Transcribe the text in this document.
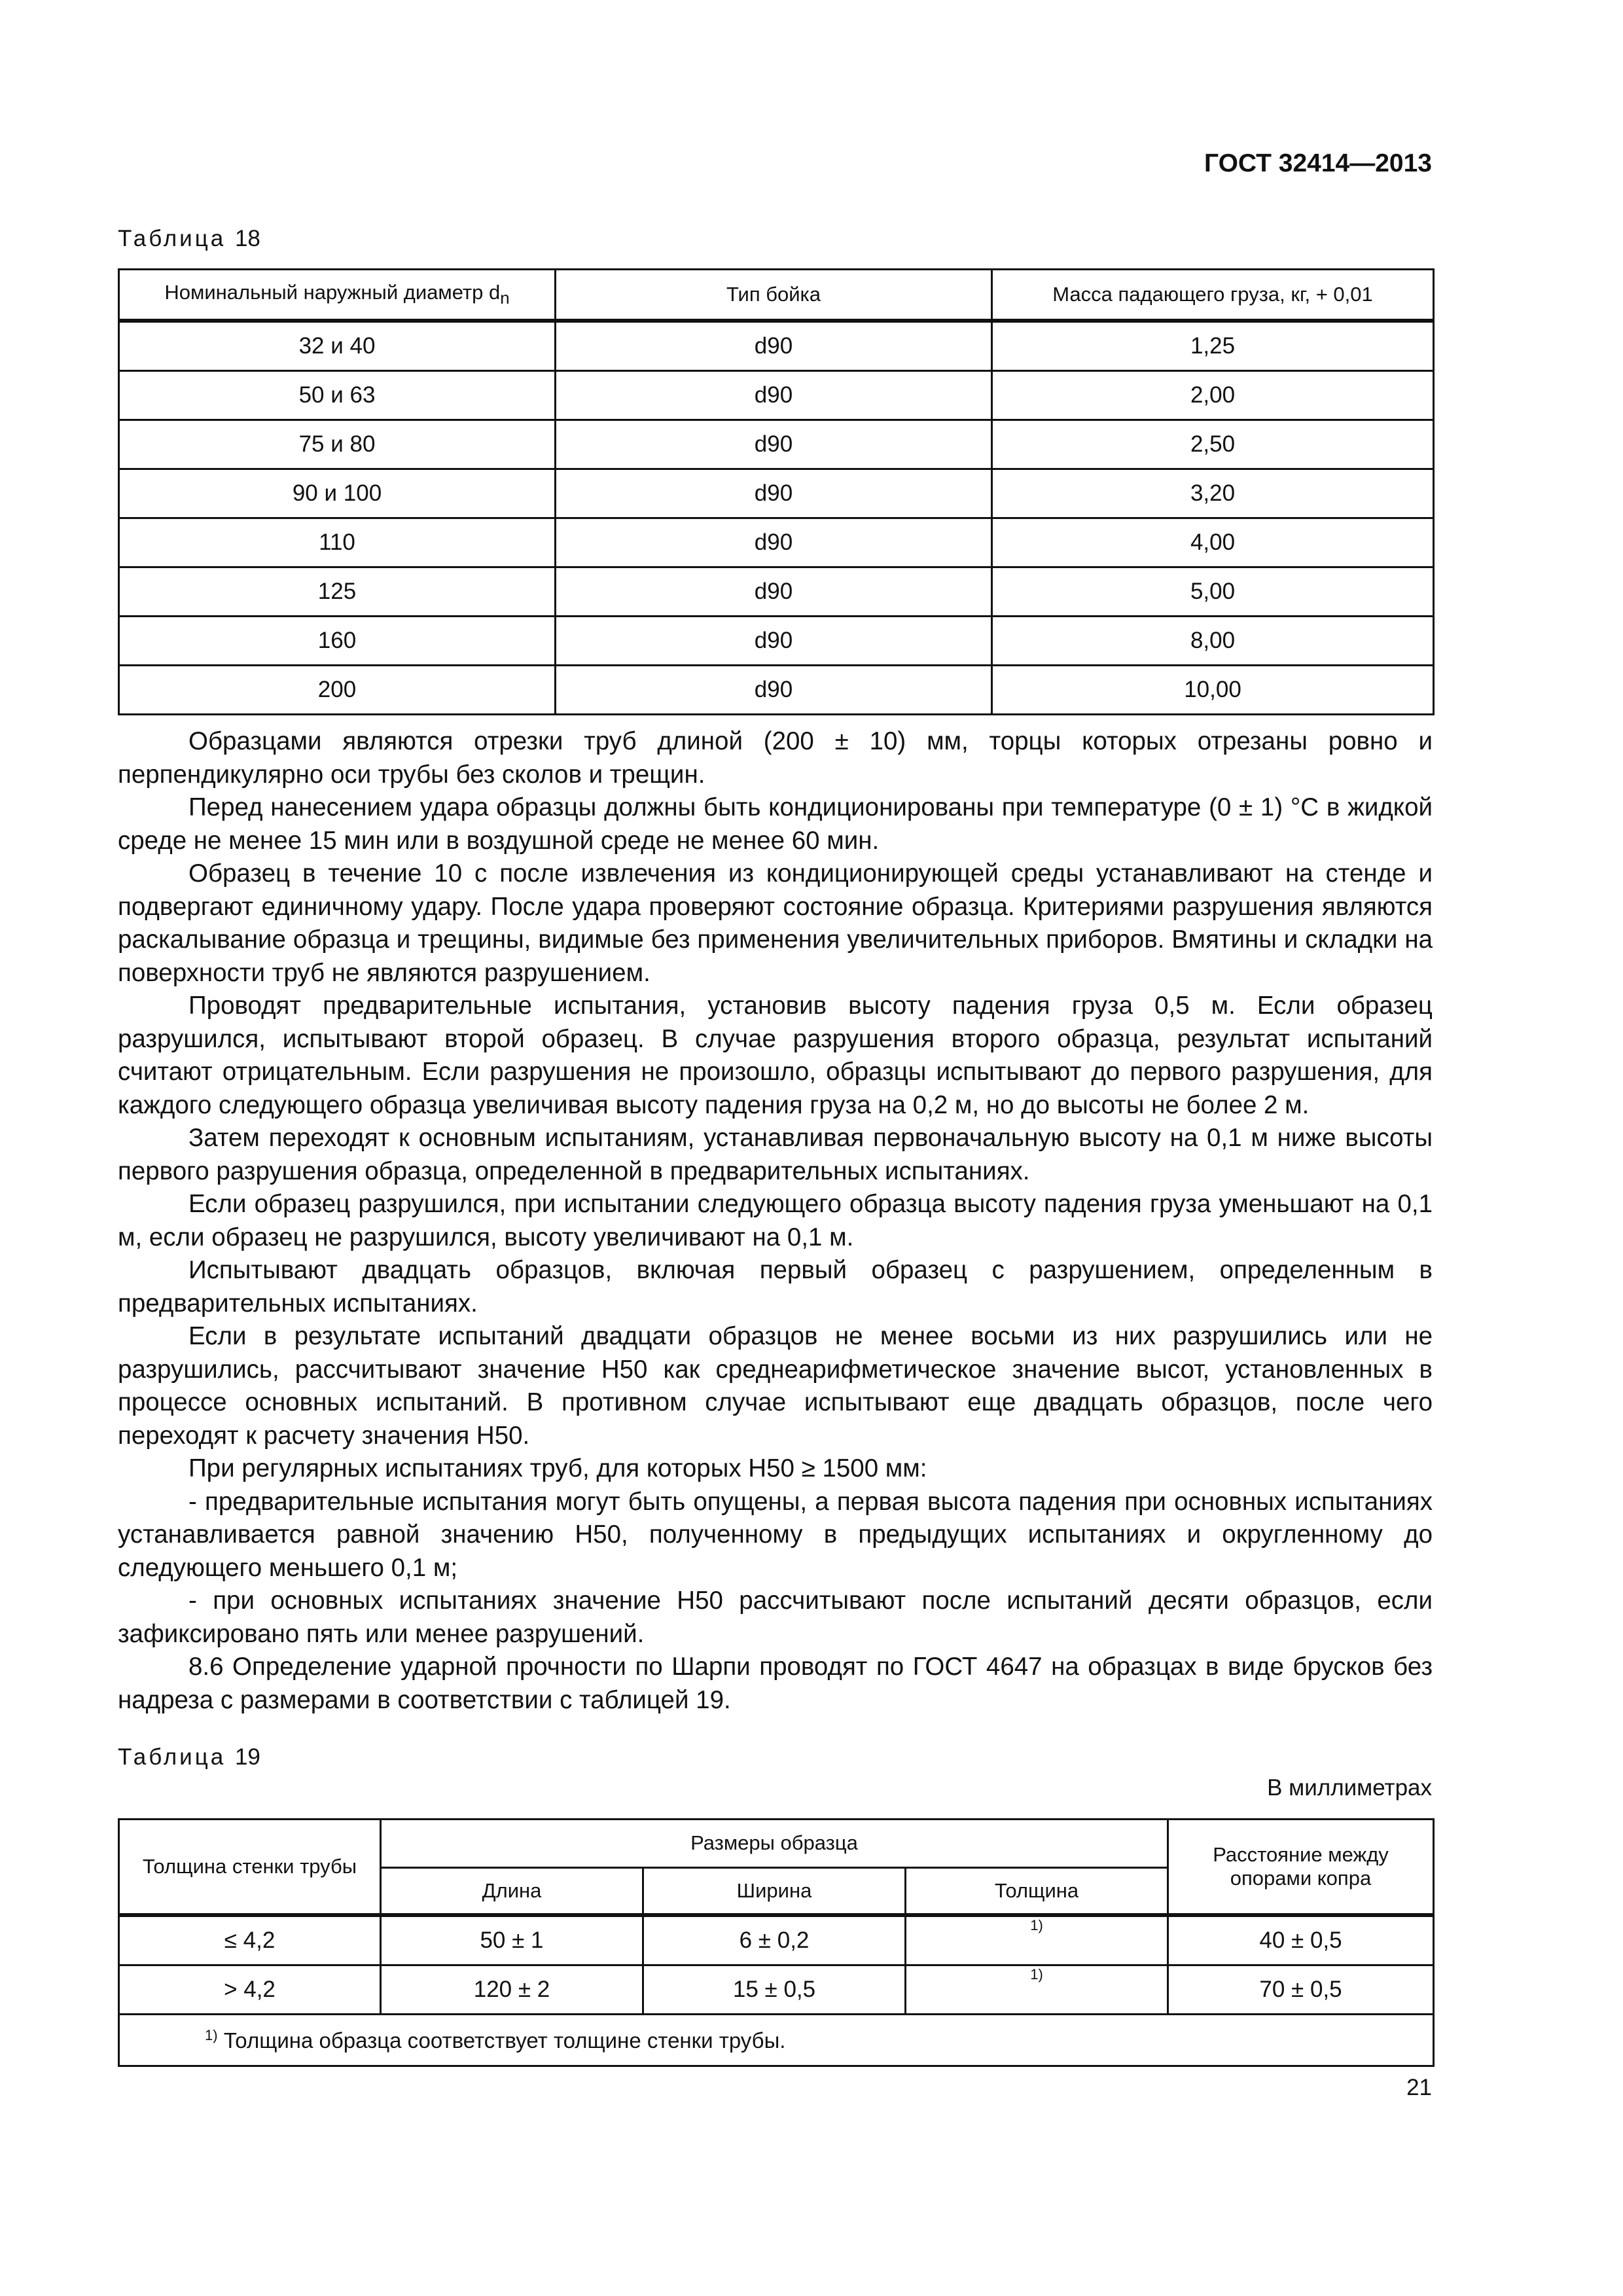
ГОСТ 32414—2013
Таблица 18
Номинальный наружный диаметр $d_n$	Тип бойка	Масса падающего груза, кг, + 0,01
32 и 40	d90	1,25
50 и 63	d90	2,00
75 и 80	d90	2,50
90 и 100	d90	3,20
110	d90	4,00
125	d90	5,00
160	d90	8,00
200	d90	10,00

Образцами являются отрезки труб длиной (200 ± 10) мм, торцы которых отрезаны ровно и перпендикулярно оси трубы без сколов и трещин.

Перед нанесением удара образцы должны быть кондиционированы при температуре (0 ± 1) °C в жидкой среде не менее 15 мин или в воздушной среде не менее 60 мин.

Образец в течение 10 с после извлечения из кондиционирующей среды устанавливают на стенде и подвергают единичному удару. После удара проверяют состояние образца. Критериями разрушения являются раскалывание образца и трещины, видимые без применения увеличительных приборов. Вмятины и складки на поверхности труб не являются разрушением.

Проводят предварительные испытания, установив высоту падения груза 0,5 м. Если образец разрушился, испытывают второй образец. В случае разрушения второго образца, результат испытаний считают отрицательным. Если разрушения не произошло, образцы испытывают до первого разрушения, для каждого следующего образца увеличивая высоту падения груза на 0,2 м, но до высоты не более 2 м.

Затем переходят к основным испытаниям, устанавливая первоначальную высоту на 0,1 м ниже высоты первого разрушения образца, определенной в предварительных испытаниях.

Если образец разрушился, при испытании следующего образца высоту падения груза уменьшают на 0,1 м, если образец не разрушился, высоту увеличивают на 0,1 м.

Испытывают двадцать образцов, включая первый образец с разрушением, определенным в предварительных испытаниях.

Если в результате испытаний двадцати образцов не менее восьми из них разрушились или не разрушились, рассчитывают значение H50 как среднеарифметическое значение высот, установленных в процессе основных испытаний. В противном случае испытывают еще двадцать образцов, после чего переходят к расчету значения H50.

При регулярных испытаниях труб, для которых H50 ≥ 1500 мм:

- предварительные испытания могут быть опущены, а первая высота падения при основных испытаниях устанавливается равной значению H50, полученному в предыдущих испытаниях и округленному до следующего меньшего 0,1 м;

- при основных испытаниях значение H50 рассчитывают после испытаний десяти образцов, если зафиксировано пять или менее разрушений.

8.6 Определение ударной прочности по Шарпи проводят по ГОСТ 4647 на образцах в виде брусков без надреза с размерами в соответствии с таблицей 19.

Таблица 19
В миллиметрах
Толщина стенки трубы	Размеры образца			Расстояние между опорами копра
	Длина	Ширина	Толщина	
≤ 4,2	50 ± 1	6 ± 0,2	$^{1)}$	40 ± 0,5
> 4,2	120 ± 2	15 ± 0,5	$^{1)}$	70 ± 0,5
$^{1)}$ Толщина образца соответствует толщине стенки трубы.				
21
